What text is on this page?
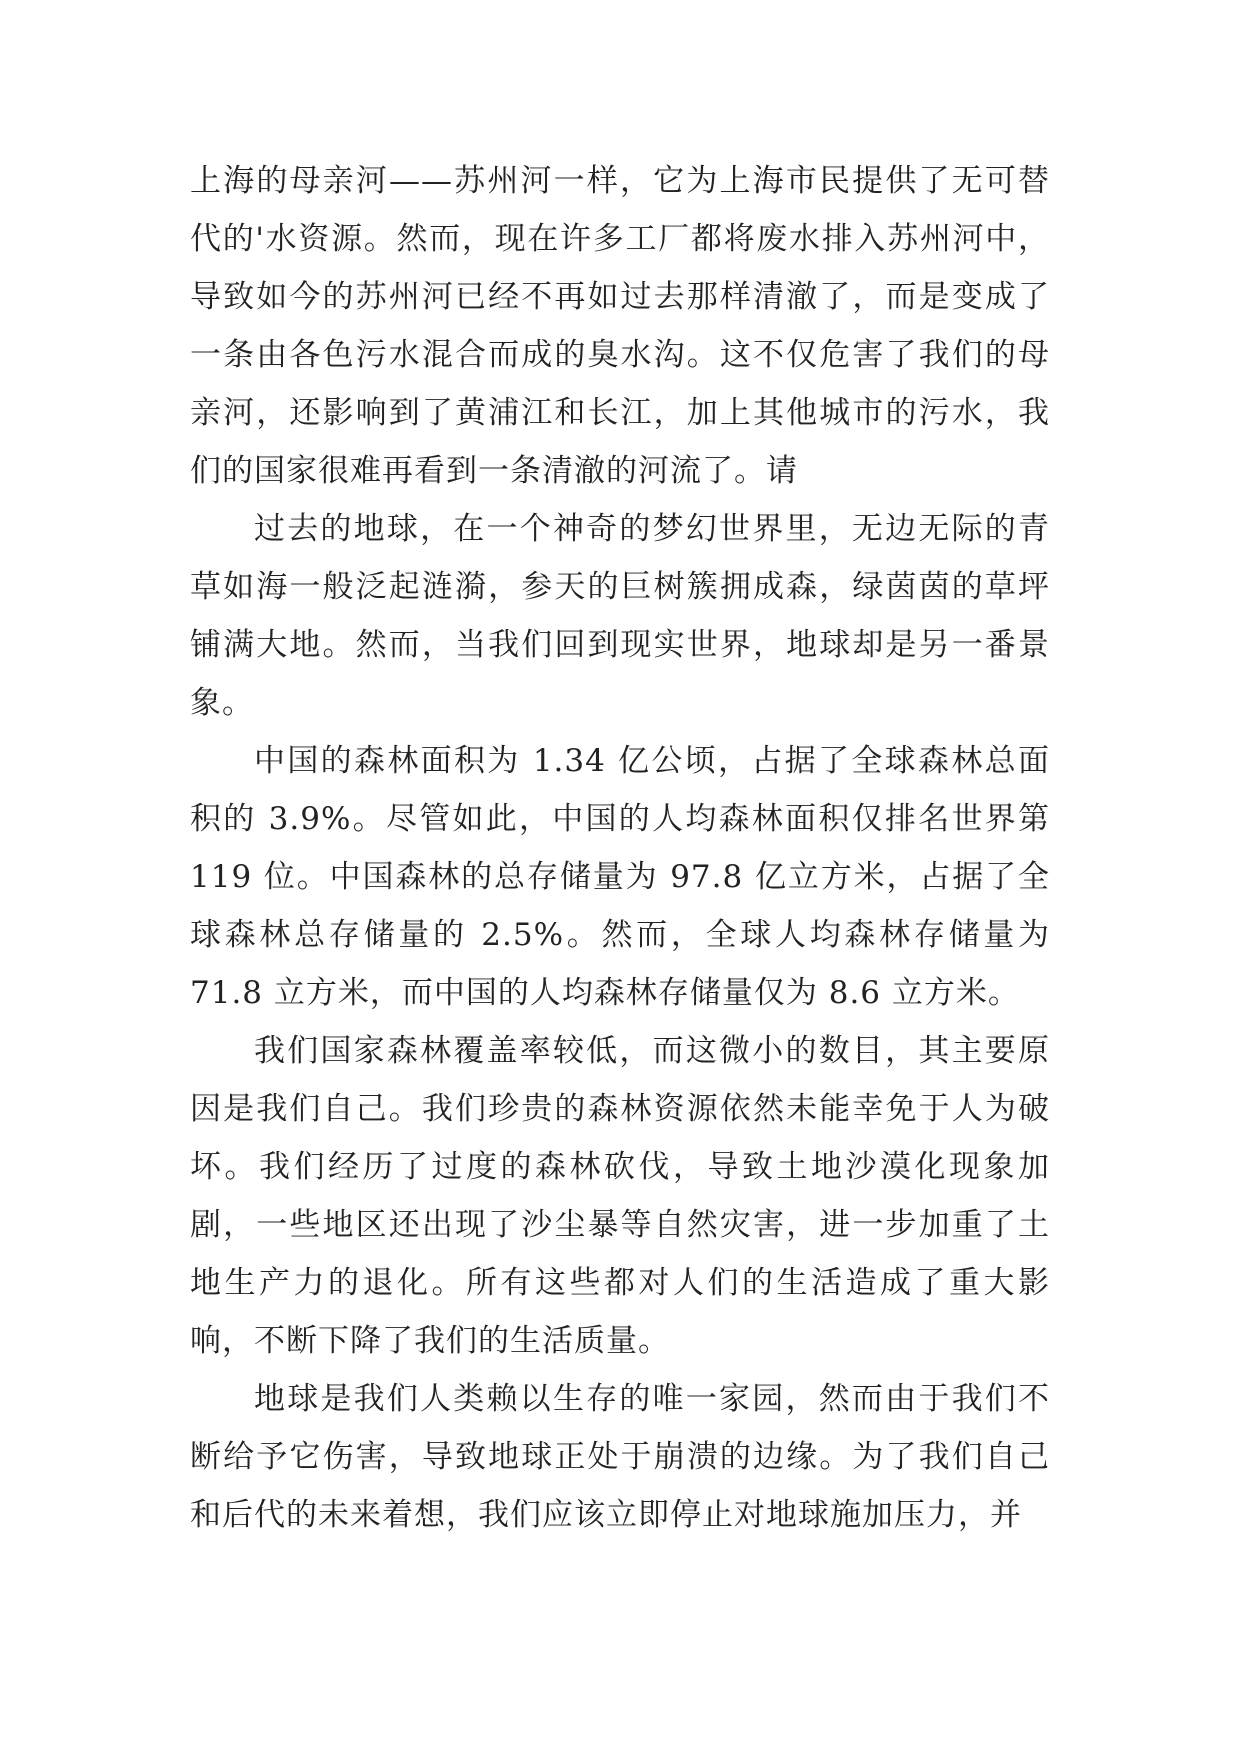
上海的母亲河——苏州河一样，它为上海市民提供了无可替代的'水资源。然而，现在许多工厂都将废水排入苏州河中，导致如今的苏州河已经不再如过去那样清澈了，而是变成了一条由各色污水混合而成的臭水沟。这不仅危害了我们的母亲河，还影响到了黄浦江和长江，加上其他城市的污水，我们的国家很难再看到一条清澈的河流了。请

过去的地球，在一个神奇的梦幻世界里，无边无际的青草如海一般泛起涟漪，参天的巨树簇拥成森，绿茵茵的草坪铺满大地。然而，当我们回到现实世界，地球却是另一番景象。

中国的森林面积为 1.34 亿公顷，占据了全球森林总面积的 3.9%。尽管如此，中国的人均森林面积仅排名世界第 119 位。中国森林的总存储量为 97.8 亿立方米，占据了全球森林总存储量的 2.5%。然而，全球人均森林存储量为 71.8 立方米，而中国的人均森林存储量仅为 8.6 立方米。

我们国家森林覆盖率较低，而这微小的数目，其主要原因是我们自己。我们珍贵的森林资源依然未能幸免于人为破坏。我们经历了过度的森林砍伐，导致土地沙漠化现象加剧，一些地区还出现了沙尘暴等自然灾害，进一步加重了土地生产力的退化。所有这些都对人们的生活造成了重大影响，不断下降了我们的生活质量。

地球是我们人类赖以生存的唯一家园，然而由于我们不断给予它伤害，导致地球正处于崩溃的边缘。为了我们自己和后代的未来着想，我们应该立即停止对地球施加压力，并
